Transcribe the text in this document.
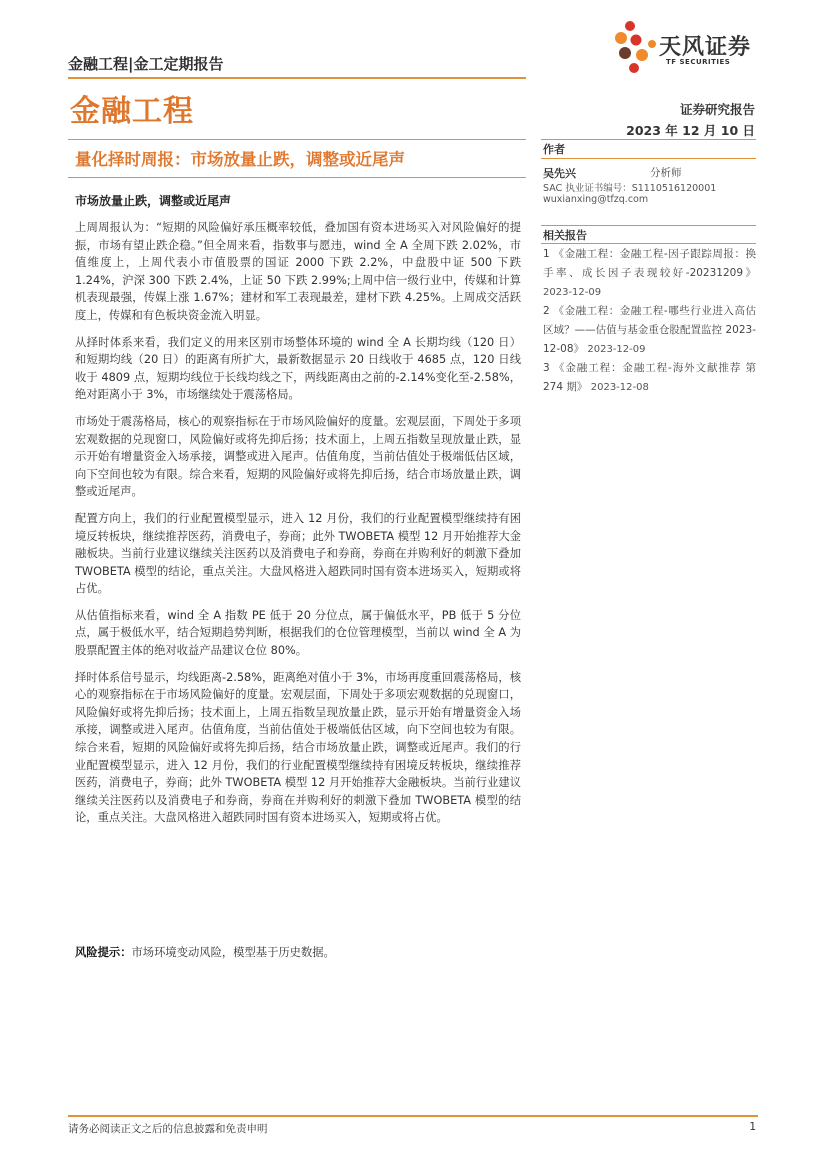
金融工程|金工定期报告
金融工程
天风证券
TF SECURITIES
证券研究报告
2023 年 12 月 10 日
量化择时周报：市场放量止跌，调整或近尾声
市场放量止跌，调整或近尾声

上周周报认为：“短期的风险偏好承压概率较低，叠加国有资本进场买入对风险偏好的提振，市场有望止跌企稳。”但全周来看，指数事与愿违，wind 全 A 全周下跌 2.02%，市值维度上，上周代表小市值股票的国证 2000 下跌 2.2%，中盘股中证 500 下跌 1.24%，沪深 300 下跌 2.4%，上证 50 下跌 2.99%;上周中信一级行业中，传媒和计算机表现最强，传媒上涨 1.67%；建材和军工表现最差，建材下跌 4.25%。上周成交活跃度上，传媒和有色板块资金流入明显。

从择时体系来看，我们定义的用来区别市场整体环境的 wind 全 A 长期均线（120 日）和短期均线（20 日）的距离有所扩大，最新数据显示 20 日线收于 4685 点，120 日线收于 4809 点，短期均线位于长线均线之下，两线距离由之前的-2.14%变化至-2.58%，绝对距离小于 3%，市场继续处于震荡格局。

市场处于震荡格局，核心的观察指标在于市场风险偏好的度量。宏观层面，下周处于多项宏观数据的兑现窗口，风险偏好或将先抑后扬；技术面上，上周五指数呈现放量止跌，显示开始有增量资金入场承接，调整或进入尾声。估值角度，当前估值处于极端低估区域，向下空间也较为有限。综合来看，短期的风险偏好或将先抑后扬，结合市场放量止跌，调整或近尾声。

配置方向上，我们的行业配置模型显示，进入 12 月份，我们的行业配置模型继续持有困境反转板块，继续推荐医药，消费电子，券商；此外 TWOBETA 模型 12 月开始推荐大金融板块。当前行业建议继续关注医药以及消费电子和券商，券商在并购利好的刺激下叠加 TWOBETA 模型的结论，重点关注。大盘风格进入超跌同时国有资本进场买入，短期或将占优。

从估值指标来看，wind 全 A 指数 PE 低于 20 分位点，属于偏低水平，PB 低于 5 分位点，属于极低水平，结合短期趋势判断，根据我们的仓位管理模型，当前以 wind 全 A 为股票配置主体的绝对收益产品建议仓位 80%。

择时体系信号显示，均线距离-2.58%，距离绝对值小于 3%，市场再度重回震荡格局，核心的观察指标在于市场风险偏好的度量。宏观层面，下周处于多项宏观数据的兑现窗口，风险偏好或将先抑后扬；技术面上，上周五指数呈现放量止跌，显示开始有增量资金入场承接，调整或进入尾声。估值角度，当前估值处于极端低估区域，向下空间也较为有限。综合来看，短期的风险偏好或将先抑后扬，结合市场放量止跌，调整或近尾声。我们的行业配置模型显示，进入 12 月份，我们的行业配置模型继续持有困境反转板块，继续推荐医药，消费电子，券商；此外 TWOBETA 模型 12 月开始推荐大金融板块。当前行业建议继续关注医药以及消费电子和券商，券商在并购利好的刺激下叠加 TWOBETA 模型的结论，重点关注。大盘风格进入超跌同时国有资本进场买入，短期或将占优。

风险提示：市场环境变动风险，模型基于历史数据。
作者
吴先兴	分析师
SAC 执业证书编号：S1110516120001
wuxianxing@tfzq.com
相关报告
1 《金融工程：金融工程-因子跟踪周报：换手率、成长因子表现较好-20231209》 2023-12-09
2 《金融工程：金融工程-哪些行业进入高估区域？——估值与基金重仓股配置监控 2023-12-08》 2023-12-09
3 《金融工程：金融工程-海外文献推荐 第 274 期》 2023-12-08
请务必阅读正文之后的信息披露和免责申明	1
